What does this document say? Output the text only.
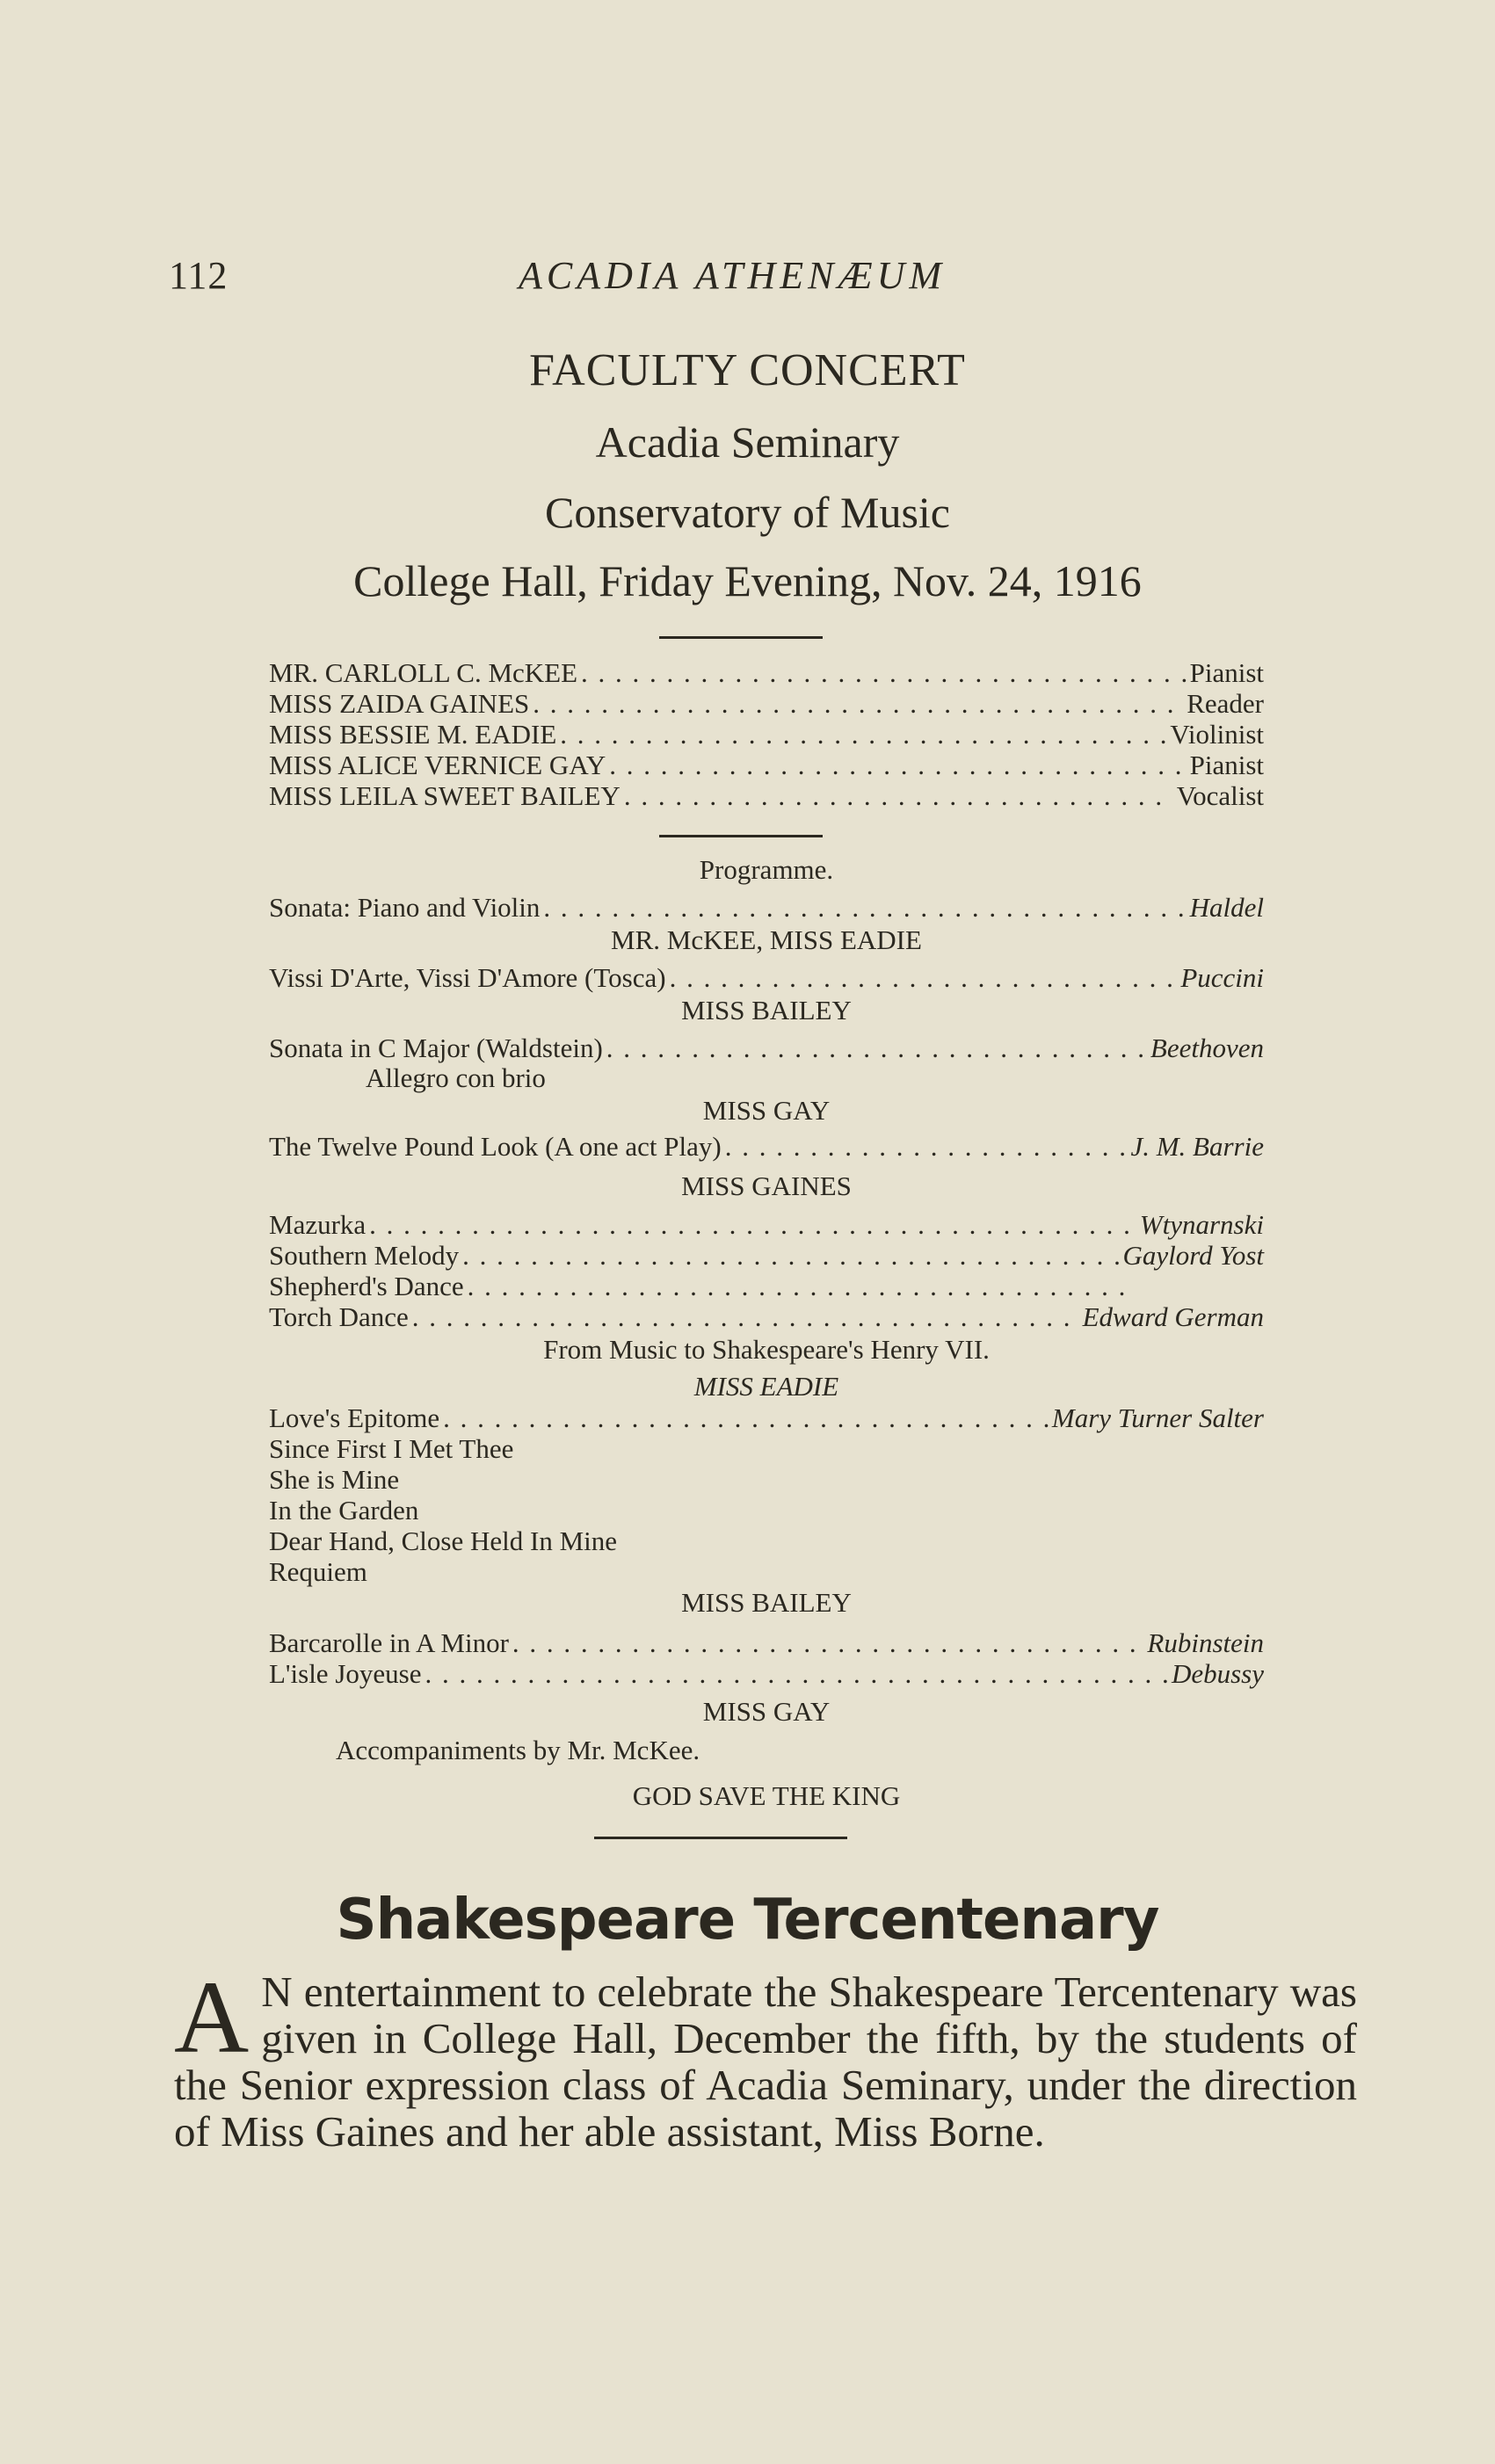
112	ACADIA ATHENÆUM
FACULTY CONCERT
Acadia Seminary
Conservatory of Music
College Hall, Friday Evening, Nov. 24, 1916
MR. CARLOLL C. McKEE . . .	Pianist
MISS ZAIDA GAINES . . .	Reader
MISS BESSIE M. EADIE . . .	Violinist
MISS ALICE VERNICE GAY . . .	Pianist
MISS LEILA SWEET BAILEY . . .	Vocalist
Programme.
Sonata: Piano and Violin . . .	Haldel
MR. McKEE, MISS EADIE
Vissi D'Arte, Vissi D'Amore (Tosca) . . .	Puccini
MISS BAILEY
Sonata in C Major (Waldstein) . . .	Beethoven
Allegro con brio
MISS GAY
The Twelve Pound Look (A one act Play) . . .	J. M. Barrie
MISS GAINES
Mazurka . . .	Wtynarnski
Southern Melody . . .	Gaylord Yost
Shepherd's Dance
. . .
Torch Dance . . .	Edward German
From Music to Shakespeare's Henry VII.
MISS EADIE
Love's Epitome . . .	Mary Turner Salter
Since First I Met Thee
She is Mine
In the Garden
Dear Hand, Close Held In Mine
Requiem
MISS BAILEY
Barcarolle in A Minor . . .	Rubinstein
L'isle Joyeuse . . .	Debussy
MISS GAY
Accompaniments by Mr. McKee.
GOD SAVE THE KING
Shakespeare Tercentenary
A N entertainment to celebrate the Shakespeare Tercentenary was given in College Hall, December the fifth, by the students of the Senior expression class of Acadia Seminary, under the direction of Miss Gaines and her able assistant, Miss Borne.
